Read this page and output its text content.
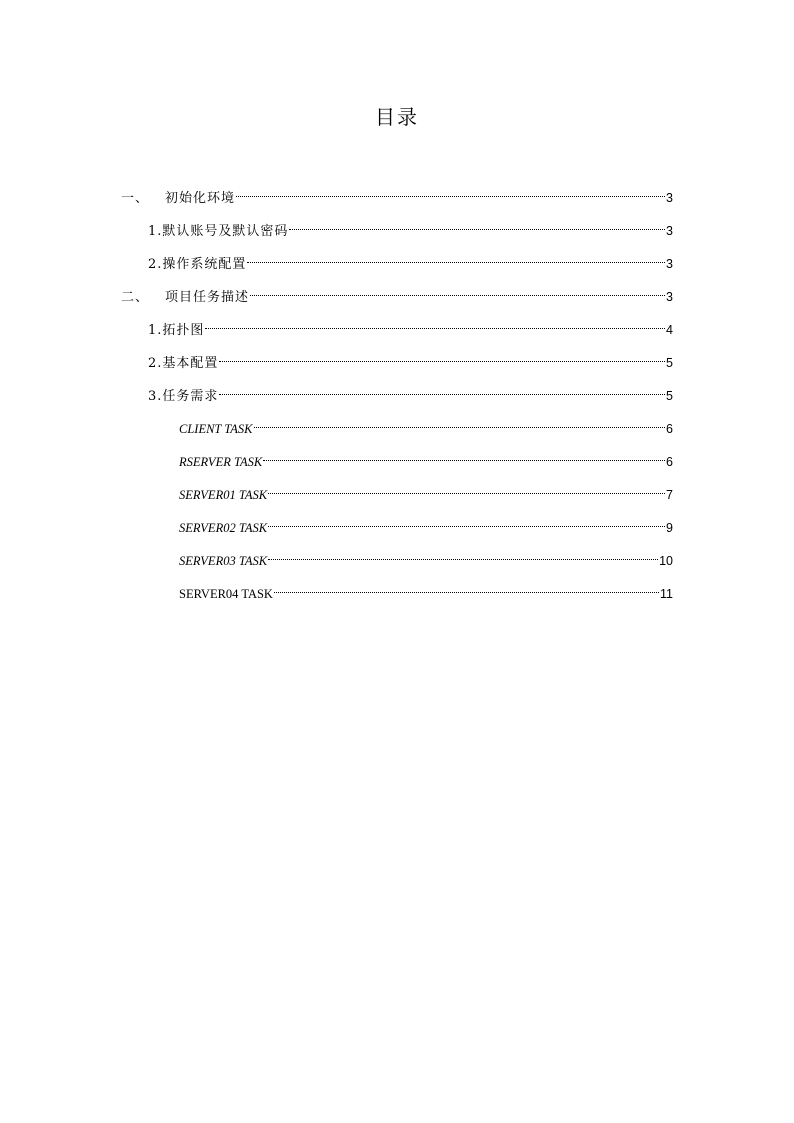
目录
一、 初始化环境	3
1.默认账号及默认密码	3
2.操作系统配置	3
二、 项目任务描述	3
1.拓扑图	4
2.基本配置	5
3.任务需求	5
CLIENT TASK	6
RSERVER TASK	6
SERVER01 TASK	7
SERVER02 TASK	9
SERVER03 TASK	10
SERVER04 TASK	11
